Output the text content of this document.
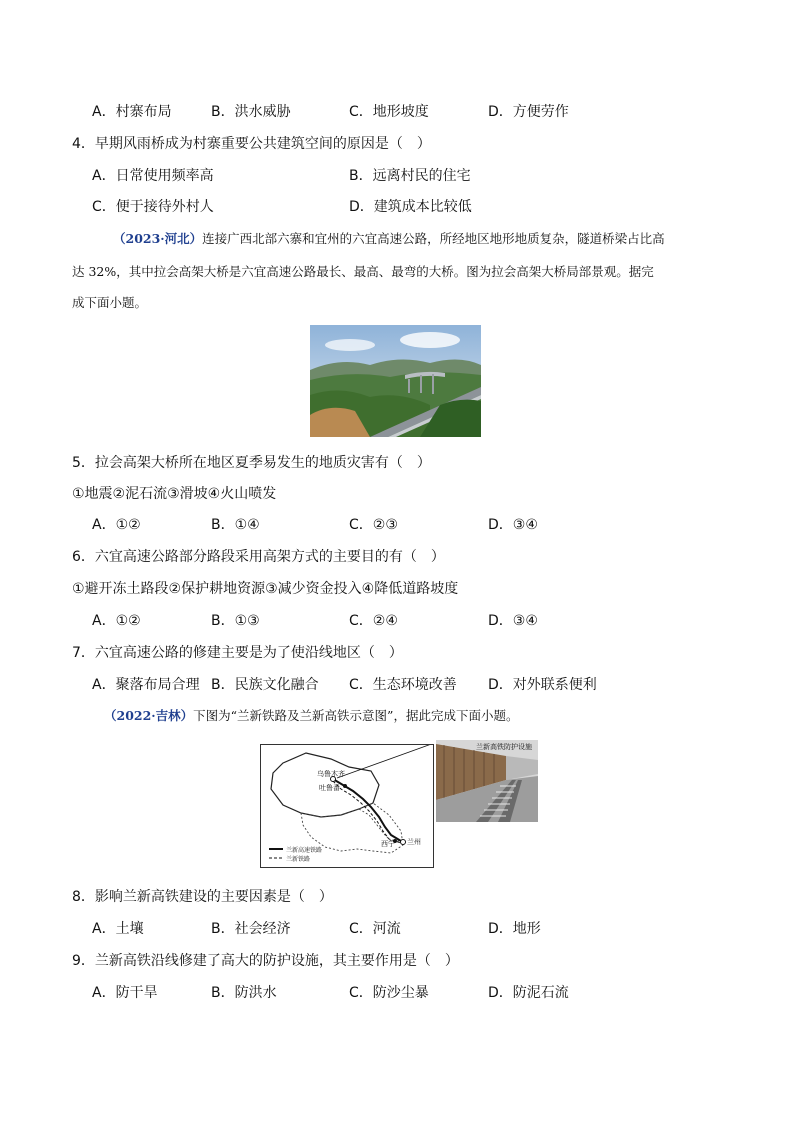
A．村寨布局	B．洪水威胁	C．地形坡度	D．方便劳作
4．早期风雨桥成为村寨重要公共建筑空间的原因是（　）
A．日常使用频率高	B．远离村民的住宅
C．便于接待外村人	D．建筑成本比较低
（2023·河北）连接广西北部六寨和宜州的六宜高速公路，所经地区地形地质复杂，隧道桥梁占比高
达 32%，其中拉会高架大桥是六宜高速公路最长、最高、最弯的大桥。图为拉会高架大桥局部景观。据完
成下面小题。
5．拉会高架大桥所在地区夏季易发生的地质灾害有（　）
①地震②泥石流③滑坡④火山喷发
A．①②	B．①④	C．②③	D．③④
6．六宜高速公路部分路段采用高架方式的主要目的有（　）
①避开冻土路段②保护耕地资源③减少资金投入④降低道路坡度
A．①②	B．①③	C．②④	D．③④
7．六宜高速公路的修建主要是为了使沿线地区（　）
A．聚落布局合理 B．民族文化融合 C．生态环境改善 D．对外联系便利
（2022·吉林）下图为“兰新铁路及兰新高铁示意图”，据此完成下面小题。
乌鲁木齐
吐鲁番
西宁 兰州
兰新高速铁路
兰新铁路
兰新高铁防护设施
8．影响兰新高铁建设的主要因素是（　）
A．土壤	B．社会经济	C．河流	D．地形
9．兰新高铁沿线修建了高大的防护设施，其主要作用是（　）
A．防干旱	B．防洪水	C．防沙尘暴	D．防泥石流
